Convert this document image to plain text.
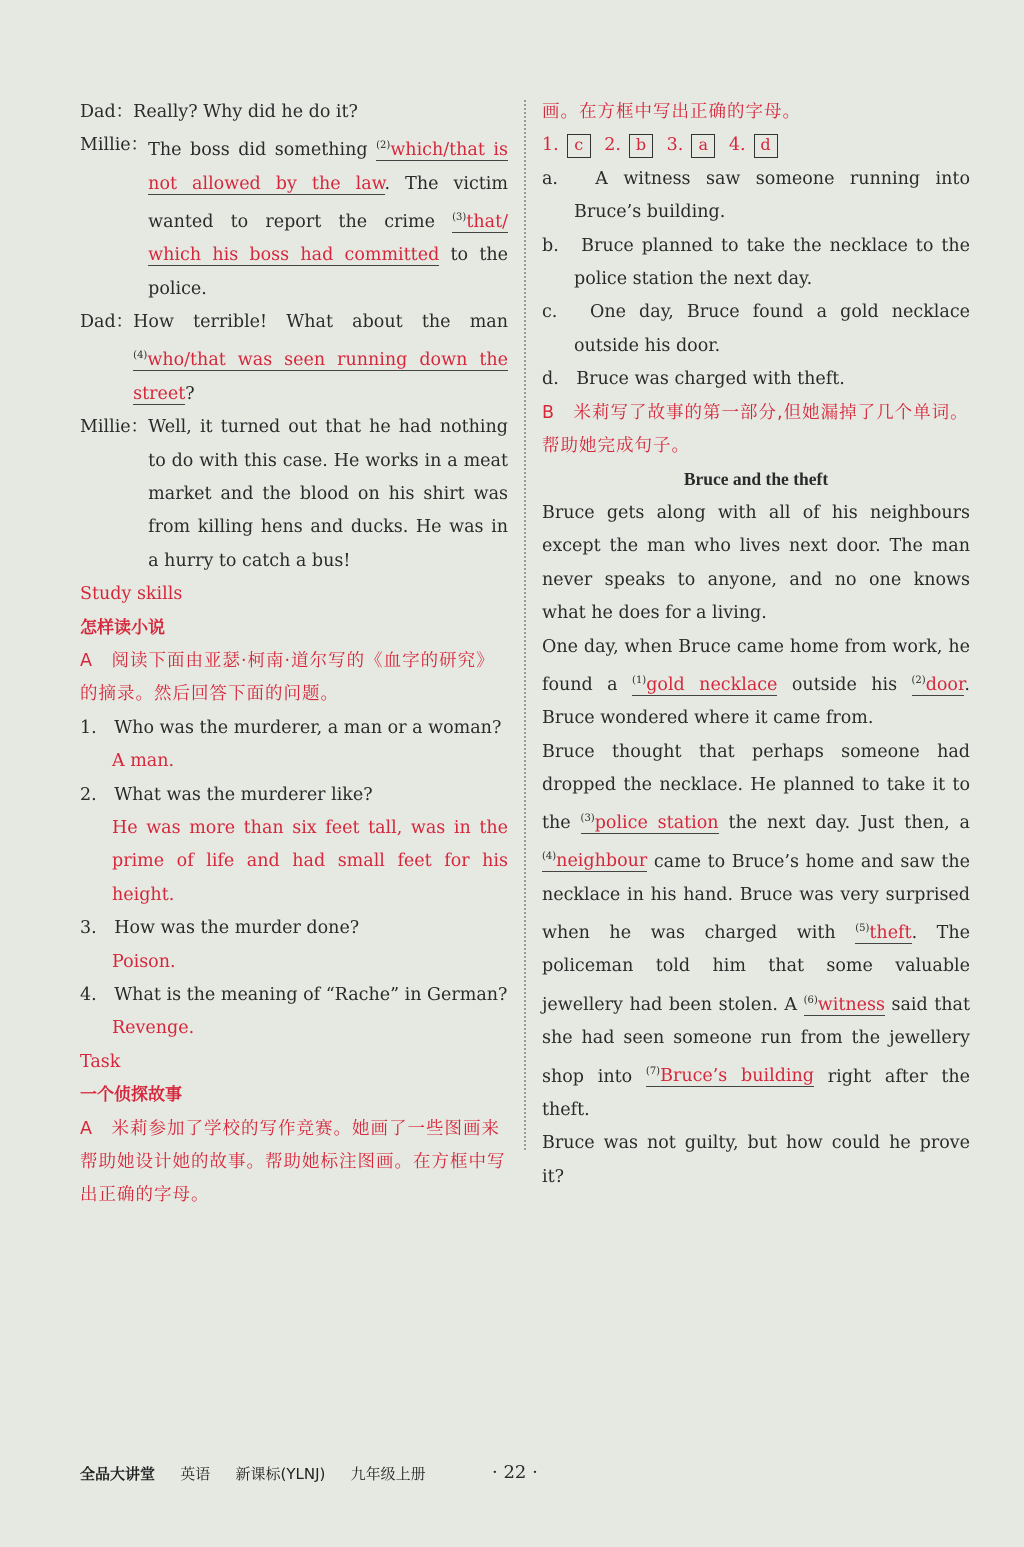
Dad： Really? Why did he do it?
Millie： The boss did something $^{(2)}$which/that is not allowed by the law. The victim wanted to report the crime $^{(3)}$that/ which his boss had committed to the police.
Dad： How terrible! What about the man $^{(4)}$who/that was seen running down the street?
Millie： Well, it turned out that he had nothing to do with this case. He works in a meat market and the blood on his shirt was from killing hens and ducks. He was in a hurry to catch a bus!
Study skills
怎样读小说
A　阅读下面由亚瑟·柯南·道尔写的《血字的研究》的摘录。然后回答下面的问题。
1.　Who was the murderer, a man or a woman?
A man.
2.　What was the murderer like?
He was more than six feet tall, was in the prime of life and had small feet for his height.
3.　How was the murder done?
Poison.
4.　What is the meaning of “Rache” in German?
Revenge.
Task
一个侦探故事
A　米莉参加了学校的写作竞赛。她画了一些图画来帮助她设计她的故事。帮助她标注图画。在方框中写出正确的字母。
画。在方框中写出正确的字母。
1. c 2. b 3. a 4. d
a.　A witness saw someone running into Bruce’s building.
b.　Bruce planned to take the necklace to the police station the next day.
c.　One day, Bruce found a gold necklace outside his door.
d.　Bruce was charged with theft.
B　米莉写了故事的第一部分,但她漏掉了几个单词。帮助她完成句子。
Bruce and the theft
Bruce gets along with all of his neighbours except the man who lives next door. The man never speaks to anyone, and no one knows what he does for a living.
One day, when Bruce came home from work, he found a $^{(1)}$gold necklace outside his $^{(2)}$door. Bruce wondered where it came from.
Bruce thought that perhaps someone had dropped the necklace. He planned to take it to the $^{(3)}$police station the next day. Just then, a $^{(4)}$neighbour came to Bruce’s home and saw the necklace in his hand. Bruce was very surprised when he was charged with $^{(5)}$theft. The policeman told him that some valuable jewellery had been stolen. A $^{(6)}$witness said that she had seen someone run from the jewellery shop into $^{(7)}$Bruce’s building right after the theft.
Bruce was not guilty, but how could he prove it?
全品大讲堂 英语 新课标(YLNJ) 九年级上册	· 22 ·
